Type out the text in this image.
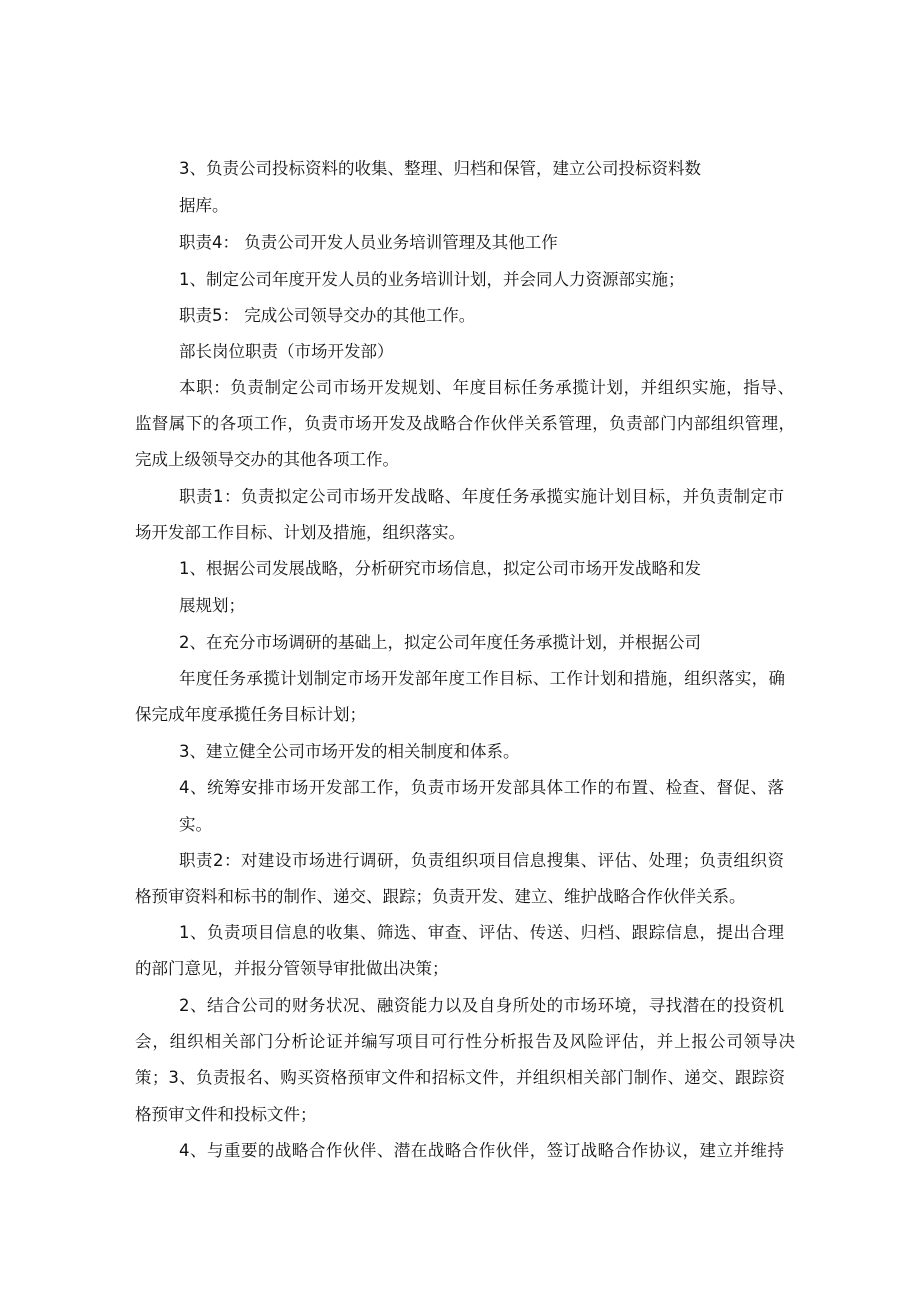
3、负责公司投标资料的收集、整理、归档和保管，建立公司投标资料数

据库。

职责4： 负责公司开发人员业务培训管理及其他工作

1、制定公司年度开发人员的业务培训计划，并会同人力资源部实施；

职责5： 完成公司领导交办的其他工作。

部长岗位职责（市场开发部）

本职：负责制定公司市场开发规划、年度目标任务承揽计划，并组织实施，指导、

监督属下的各项工作，负责市场开发及战略合作伙伴关系管理，负责部门内部组织管理，

完成上级领导交办的其他各项工作。

职责1：负责拟定公司市场开发战略、年度任务承揽实施计划目标，并负责制定市

场开发部工作目标、计划及措施，组织落实。

1、根据公司发展战略，分析研究市场信息，拟定公司市场开发战略和发

展规划；

2、在充分市场调研的基础上，拟定公司年度任务承揽计划，并根据公司

年度任务承揽计划制定市场开发部年度工作目标、工作计划和措施，组织落实，确

保完成年度承揽任务目标计划；

3、建立健全公司市场开发的相关制度和体系。

4、统筹安排市场开发部工作，负责市场开发部具体工作的布置、检查、督促、落

实。

职责2：对建设市场进行调研，负责组织项目信息搜集、评估、处理；负责组织资

格预审资料和标书的制作、递交、跟踪；负责开发、建立、维护战略合作伙伴关系。

1、负责项目信息的收集、筛选、审查、评估、传送、归档、跟踪信息，提出合理

的部门意见，并报分管领导审批做出决策；

2、结合公司的财务状况、融资能力以及自身所处的市场环境，寻找潜在的投资机

会，组织相关部门分析论证并编写项目可行性分析报告及风险评估，并上报公司领导决

策；3、负责报名、购买资格预审文件和招标文件，并组织相关部门制作、递交、跟踪资

格预审文件和投标文件；

4、与重要的战略合作伙伴、潜在战略合作伙伴，签订战略合作协议，建立并维持
